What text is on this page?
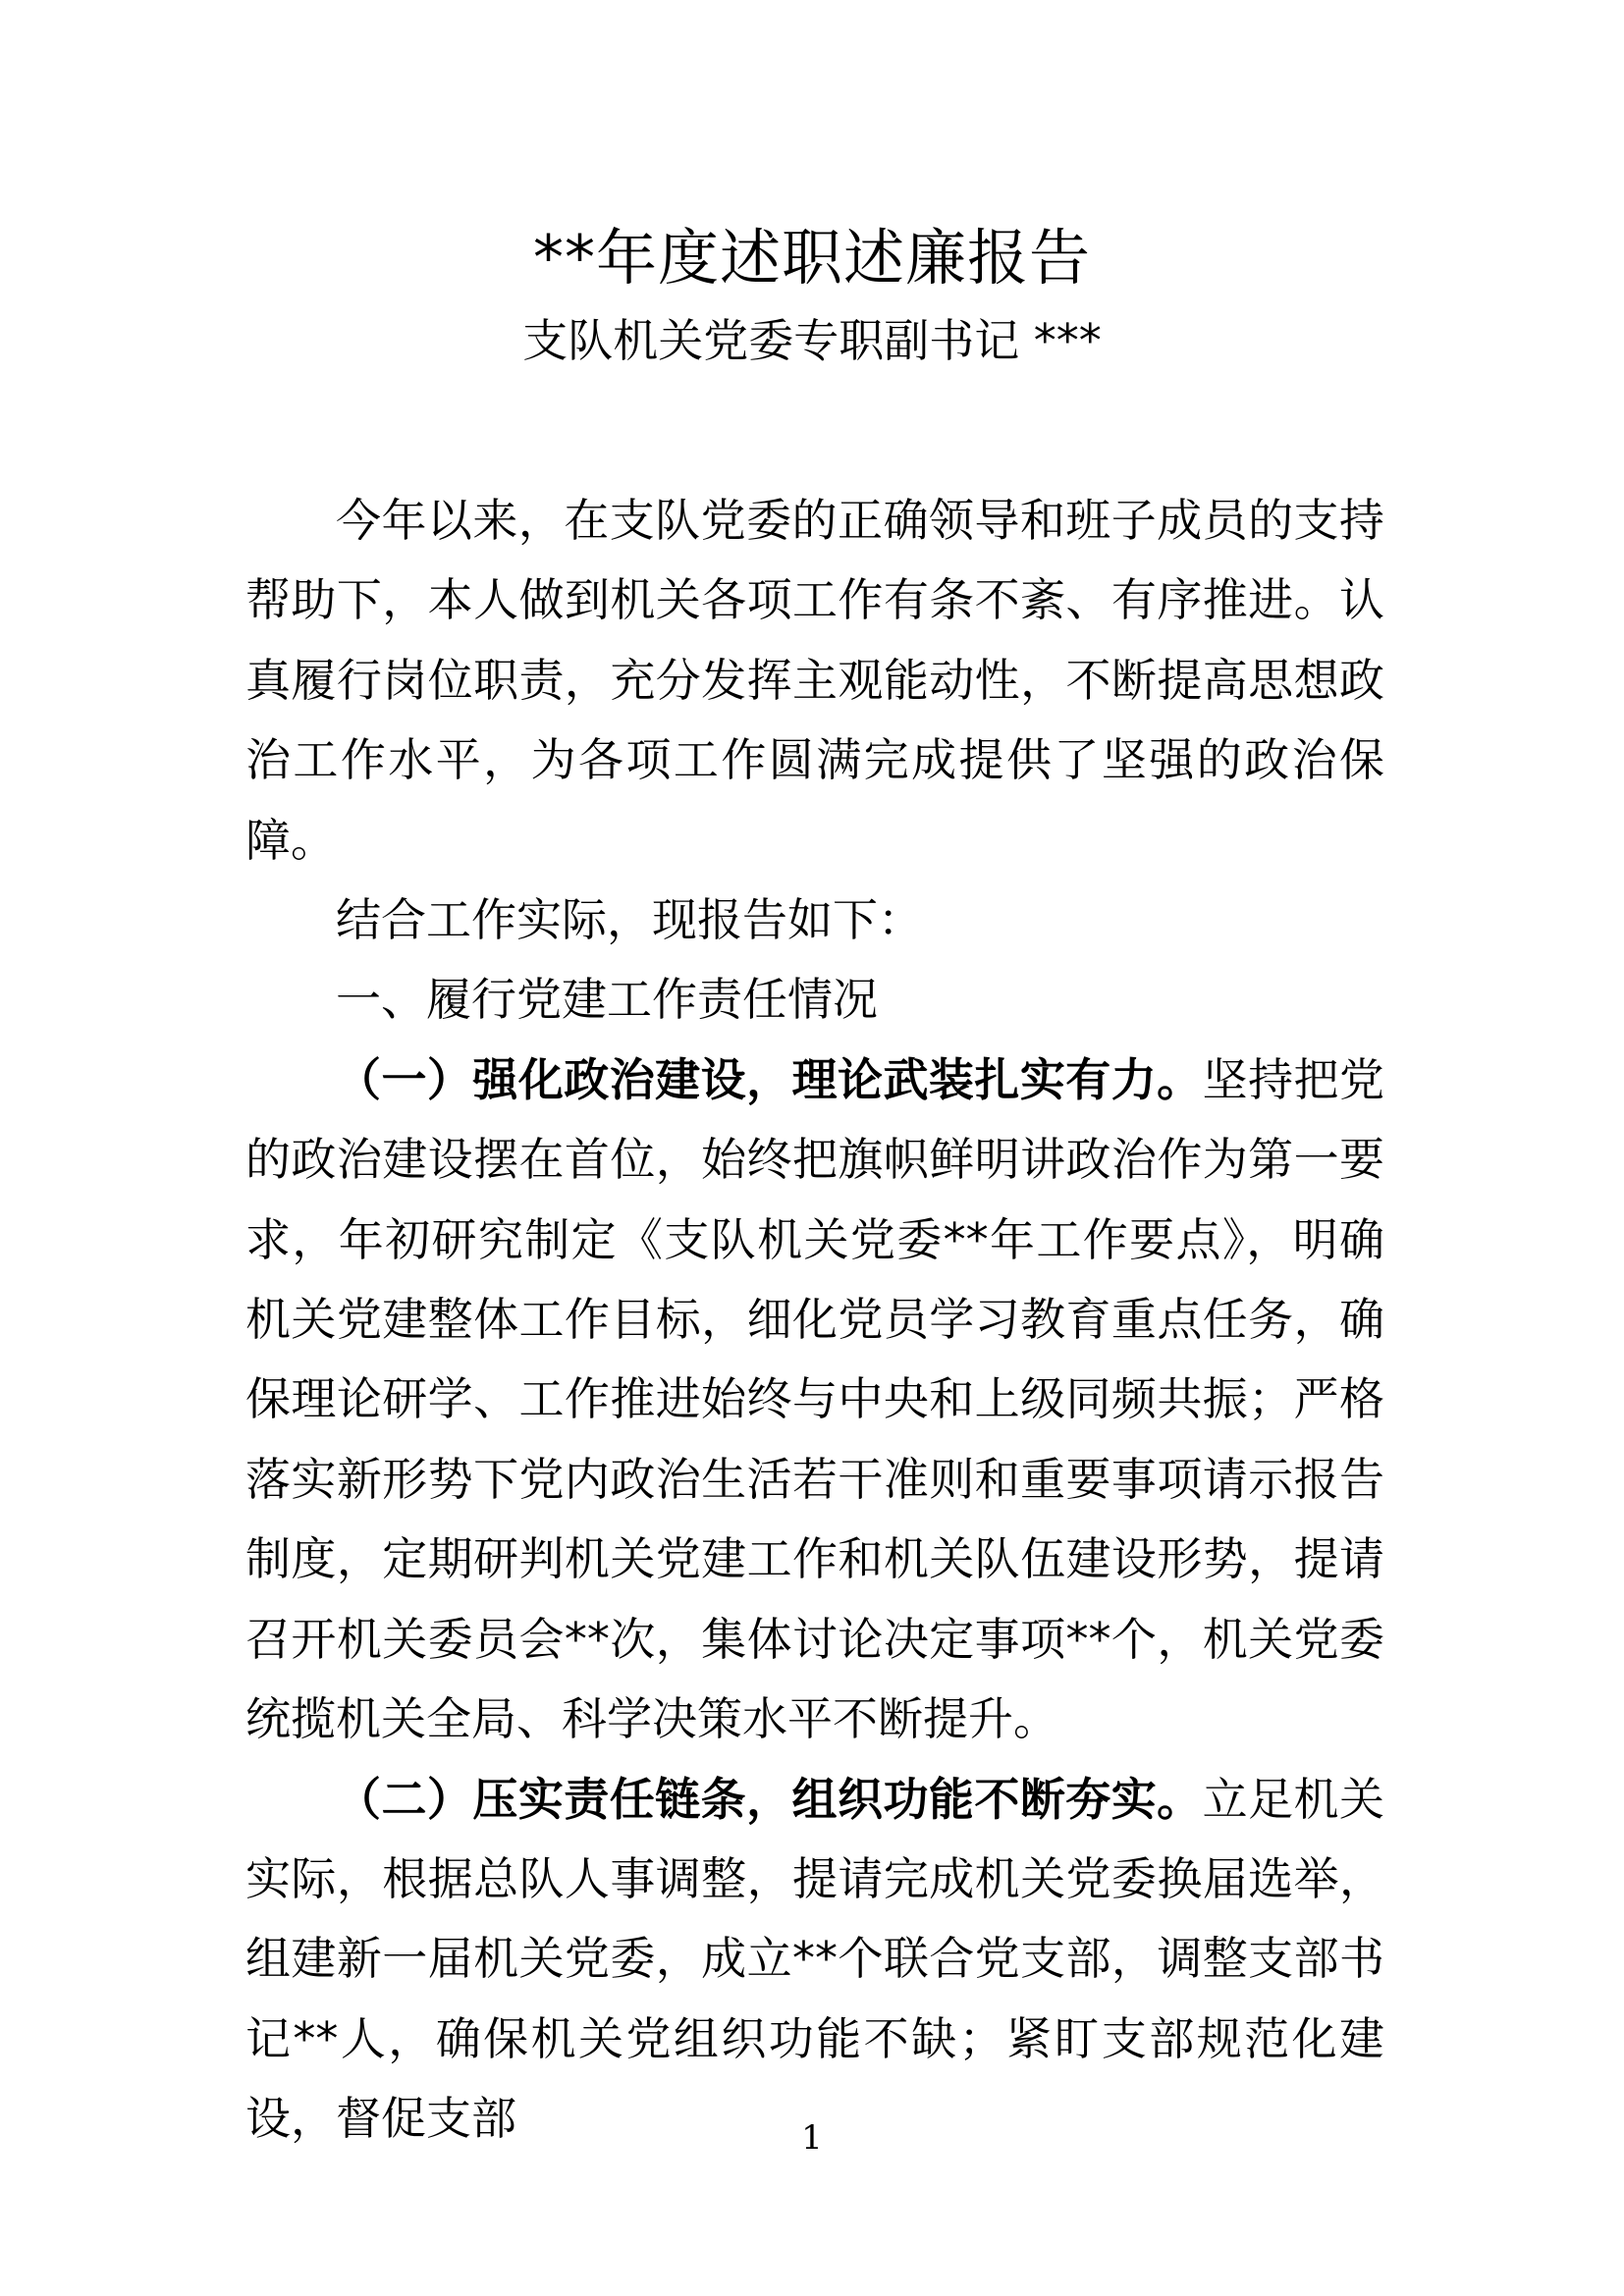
**年度述职述廉报告
支队机关党委专职副书记 ***

今年以来，在支队党委的正确领导和班子成员的支持帮助下，本人做到机关各项工作有条不紊、有序推进。认真履行岗位职责，充分发挥主观能动性，不断提高思想政治工作水平，为各项工作圆满完成提供了坚强的政治保障。

结合工作实际，现报告如下：

一、履行党建工作责任情况

（一）强化政治建设，理论武装扎实有力。坚持把党的政治建设摆在首位，始终把旗帜鲜明讲政治作为第一要求，年初研究制定《支队机关党委**年工作要点》，明确机关党建整体工作目标，细化党员学习教育重点任务，确保理论研学、工作推进始终与中央和上级同频共振；严格落实新形势下党内政治生活若干准则和重要事项请示报告制度，定期研判机关党建工作和机关队伍建设形势，提请召开机关委员会**次，集体讨论决定事项**个，机关党委统揽机关全局、科学决策水平不断提升。

（二）压实责任链条，组织功能不断夯实。立足机关实际，根据总队人事调整，提请完成机关党委换届选举，组建新一届机关党委，成立**个联合党支部，调整支部书记**人，确保机关党组织功能不缺；紧盯支部规范化建设，督促支部	1
